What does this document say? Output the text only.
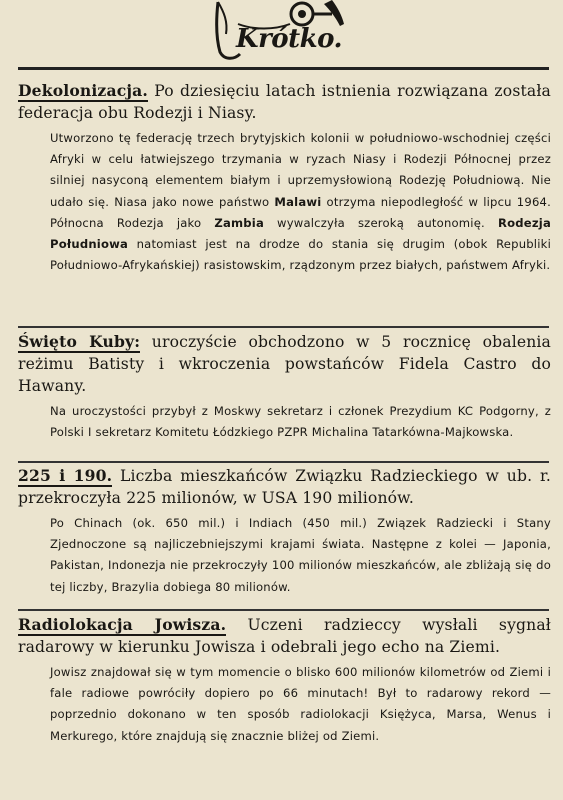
Krótko.

Dekolonizacja. Po dziesięciu latach istnienia rozwiązana została federacja obu Rodezji i Niasy.

Utworzono tę federację trzech brytyjskich kolonii w południowo-wschodniej części Afryki w celu łatwiejszego trzymania w ryzach Niasy i Rodezji Północnej przez silniej nasyconą elementem białym i uprzemysłowioną Rodezję Południową. Nie udało się. Niasa jako nowe państwo Malawi otrzyma niepodległość w lipcu 1964. Północna Rodezja jako Zambia wywalczyła szeroką autonomię. Rodezja Południowa natomiast jest na drodze do stania się drugim (obok Republiki Południowo-Afrykańskiej) rasistowskim, rządzonym przez białych, państwem Afryki.

Święto Kuby: uroczyście obchodzono w 5 rocznicę obalenia reżimu Batisty i wkroczenia powstańców Fidela Castro do Hawany.

Na uroczystości przybył z Moskwy sekretarz i członek Prezydium KC Podgorny, z Polski I sekretarz Komitetu Łódzkiego PZPR Michalina Tatarkówna-Majkowska.

225 i 190. Liczba mieszkańców Związku Radzieckiego w ub. r. przekroczyła 225 milionów, w USA 190 milionów.

Po Chinach (ok. 650 mil.) i Indiach (450 mil.) Związek Radziecki i Stany Zjednoczone są najliczebniejszymi krajami świata. Następne z kolei — Japonia, Pakistan, Indonezja nie przekroczyły 100 milionów mieszkańców, ale zbliżają się do tej liczby, Brazylia dobiega 80 milionów.

Radiolokacja Jowisza. Uczeni radzieccy wysłali sygnał radarowy w kierunku Jowisza i odebrali jego echo na Ziemi.

Jowisz znajdował się w tym momencie o blisko 600 milionów kilometrów od Ziemi i fale radiowe powróciły dopiero po 66 minutach! Był to radarowy rekord — poprzednio dokonano w ten sposób radiolokacji Księżyca, Marsa, Wenus i Merkurego, które znajdują się znacznie bliżej od Ziemi.
